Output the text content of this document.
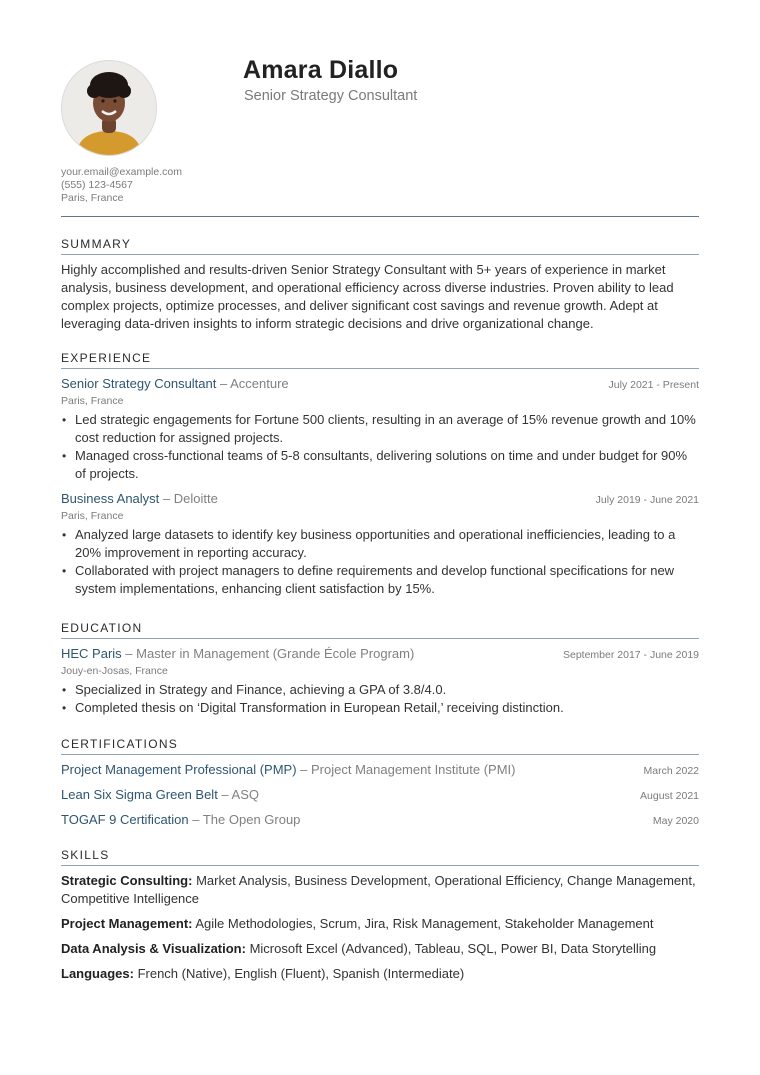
Amara Diallo
Senior Strategy Consultant
your.email@example.com
(555) 123-4567
Paris, France
SUMMARY

Highly accomplished and results-driven Senior Strategy Consultant with 5+ years of experience in market analysis, business development, and operational efficiency across diverse industries. Proven ability to lead complex projects, optimize processes, and deliver significant cost savings and revenue growth. Adept at leveraging data-driven insights to inform strategic decisions and drive organizational change.

EXPERIENCE
Senior Strategy Consultant – Accenture	July 2021 - Present
Paris, France
• Led strategic engagements for Fortune 500 clients, resulting in an average of 15% revenue growth and 10% cost reduction for assigned projects.
• Managed cross-functional teams of 5-8 consultants, delivering solutions on time and under budget for 90% of projects.
Business Analyst – Deloitte	July 2019 - June 2021
Paris, France
• Analyzed large datasets to identify key business opportunities and operational inefficiencies, leading to a 20% improvement in reporting accuracy.
• Collaborated with project managers to define requirements and develop functional specifications for new system implementations, enhancing client satisfaction by 15%.
EDUCATION
HEC Paris – Master in Management (Grande École Program)	September 2017 - June 2019
Jouy-en-Josas, France
• Specialized in Strategy and Finance, achieving a GPA of 3.8/4.0.
• Completed thesis on ‘Digital Transformation in European Retail,’ receiving distinction.
CERTIFICATIONS
Project Management Professional (PMP) – Project Management Institute (PMI)	March 2022
Lean Six Sigma Green Belt – ASQ	August 2021
TOGAF 9 Certification – The Open Group	May 2020
SKILLS
Strategic Consulting: Market Analysis, Business Development, Operational Efficiency, Change Management, Competitive Intelligence
Project Management: Agile Methodologies, Scrum, Jira, Risk Management, Stakeholder Management
Data Analysis & Visualization: Microsoft Excel (Advanced), Tableau, SQL, Power BI, Data Storytelling
Languages: French (Native), English (Fluent), Spanish (Intermediate)
